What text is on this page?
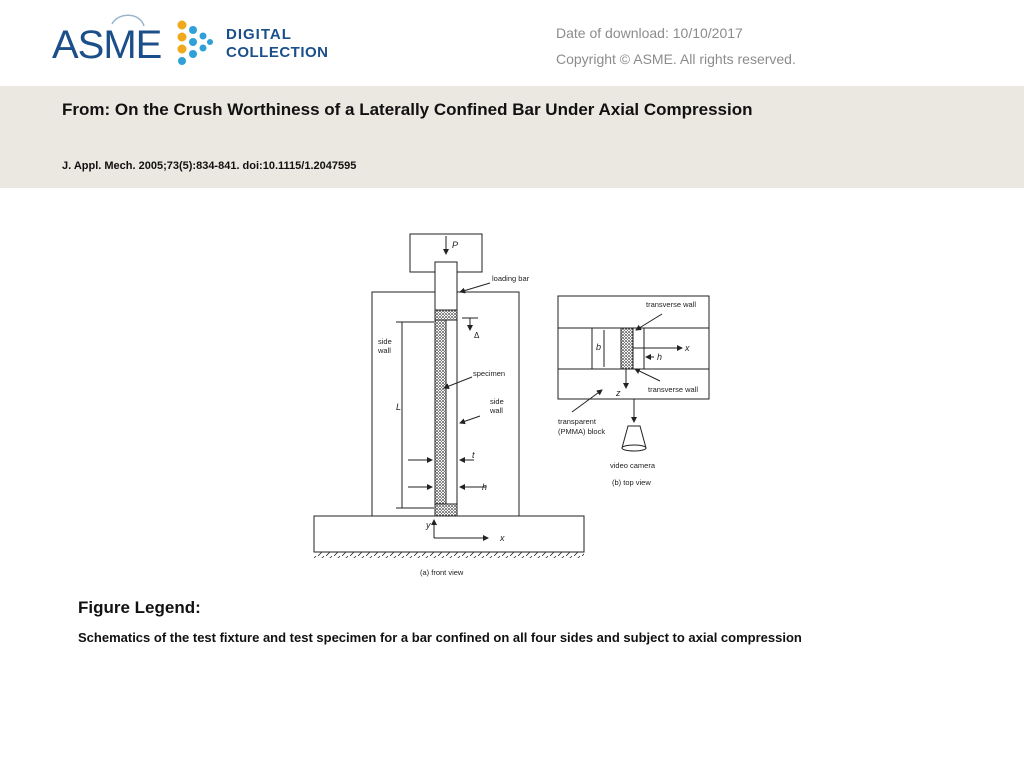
ASME	DIGITAL
COLLECTION
Date of download: 10/10/2017
Copyright © ASME. All rights reserved.
From: On the Crush Worthiness of a Laterally Confined Bar Under Axial Compression
J. Appl. Mech. 2005;73(5):834-841. doi:10.1115/1.2047595
P
loading bar
Δ
side
wall
specimen
side
wall
L
t
h
y
x
(a) front view
transverse wall
b	x
h
transverse wall
z
transparent
(PMMA) block
video camera
(b) top view
Figure Legend:
Schematics of the test fixture and test specimen for a bar confined on all four sides and subject to axial compression
